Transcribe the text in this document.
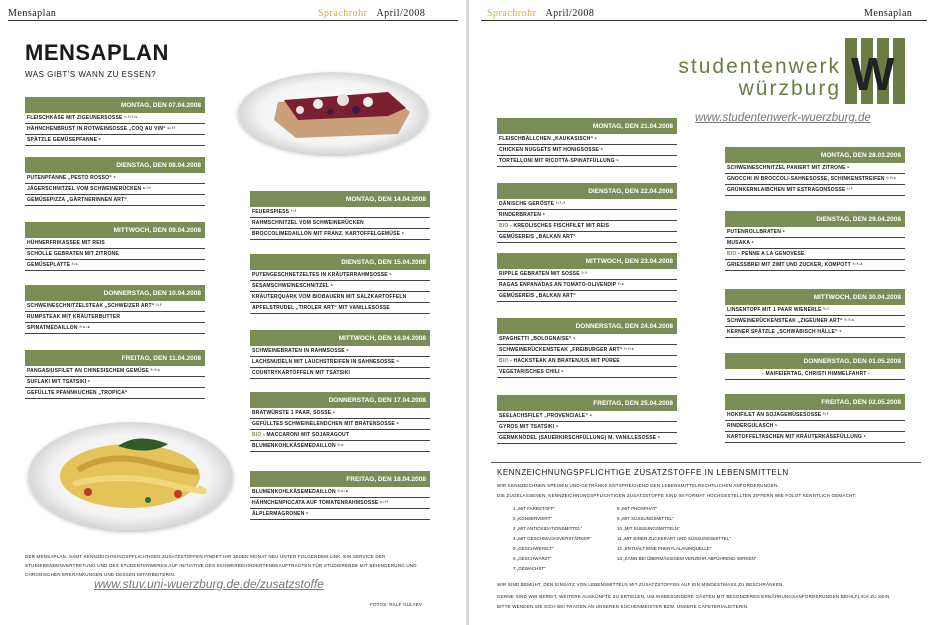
Mensaplan	Sprachrohr April/2008
MENSAPLAN
WAS GIBT'S WANN ZU ESSEN?
DER MENSAPLAN, SAMT KENNZEICHNUNGSPFLICHTIGEN ZUSATZSTOFFEN FINDET IHR JEDEN MONAT NEU UNTER FOLGENDEM LINK. EIN SERVICE DER STUDIERENDENVERTRETUNG UND DES STUDENTENWERKS AUF INITIATIVE DES SCHWERBEHINDERTENBEAUFTRAGTEN FÜR STUDIERENDE MIT BEHINDERUNG UND CHRONISCHEN ERKRANKUNGEN UND DESSEN MITARBEITERIN.
www.stuv.uni-wuerzburg.de.de/zusatzstoffe
FOTOS: RALF GULYEV
MONTAG, DEN 07.04.2008
FLEISCHKÄSE MIT ZIGEUNERSOSSE ¹·²·³·⁵
HÄHNCHENBRUST IN ROTWEINSOSSE „COQ AU VIN“ ⁵·¹²
SPÄTZLE GEMÜSEPFANNE ⁵
DIENSTAG, DEN 08.04.2008
PUTENPFANNE „PESTO ROSSO“ ⁵
JÄGERSCHNITZEL VOM SCHWEINERÜCKEN ⁵·¹²
GEMÜSEPIZZA „GÄRTNERINNEN ART“
MITTWOCH, DEN 09.04.2008
HÜHNERFRIKASSEE MIT REIS
SCHOLLE GEBRATEN MIT ZITRONE
GEMÜSEPLATTE ³·⁵
DONNERSTAG, DEN 10.04.2008
SCHWEINESCHNITZELSTEAK „SCHWEIZER ART“ ²·³
RUMPSTEAK MIT KRÄUTERBUTTER
SPINATMEDAILLON ³·⁵·⁸
FREITAG, DEN 11.04.2008
PANGASIUSFILET AN CHINESISCHEM GEMÜSE ²·³·⁵
SUFLAKI MIT TSATSIKI ⁵
GEFÜLLTE PFANNKUCHEN „TROPICA“
MONTAG, DEN 14.04.2008
FEUERSPIESS ¹·²
RAHMSCHNITZEL VOM SCHWEINERÜCKEN
BROCCOLIMEDAILLON MIT FRANZ. KARTOFFELGEMÜSE ⁵
DIENSTAG, DEN 15.04.2008
PUTENGESCHNETZELTES IN KRÄUTERRAHMSOSSE ⁵
SESAMSCHWEINESCHNITZEL ⁵
KRÄUTERQUARK VOM BIOBAUERN MIT SALZKARTOFFELN
APFELSTRUDEL „TIROLER ART“ MIT VANILLESOSSE
MITTWOCH, DEN 16.04.2008
SCHWEINEBRATEN IN RAHMSOSSE ⁵
LACHSNUDELN MIT LAUCHSTREIFEN IN SAHNESOSSE ⁵
COUNTRYKARTOFFELN MIT TSATSIKI
DONNERSTAG, DEN 17.04.2008
BRATWÜRSTE 1 PAAR, SOSSE ⁵
GEFÜLLTES SCHWEINELENDCHEN MIT BRATENSOSSE ⁵
BIO - MACCARONI MIT SOJARAGOUT
BLUMENKOHLKÄSEMEDAILLON ³·⁵
FREITAG, DEN 18.04.2008
BLUMENKOHLKÄSEMEDAILLON ³·⁵·⁸
HÄHNCHENPICCATA AUF TOMATENRAHMSOSSE ⁵·¹²
ÄLPLERMAGRONEN ⁵
Sprachrohr April/2008	Mensaplan
studentenwerk
würzburg W
www.studentenwerk-wuerzburg.de
KENNZEICHNUNGSPFLICHTIGE ZUSATZSTOFFE IN LEBENSMITTELN
WIR KENNZEICHNEN SPEISEN UND GETRÄNKE ENTSPRECHEND DEN LEBENSMITTELRECHTLICHEN ANFORDERUNGEN.
DIE ZUGELASSENEN, KENNZEICHNUNGSPFLICHTIGEN ZUSATZSTOFFE SIND IM FORMAT HOCHGESTELLTEN ZIFFERN WIE FOLGT KENNTLICH GEMACHT:
1 „MIT FARBSTOFF“
2 „KONSERVIERT“
3 „MIT ANTIOXIDATIONSMITTEL“
4 „MIT GESCHMACKSVERSTÄRKER“
5 „GESCHWEFELT“
6 „GESCHWÄRZT“
7 „GEWACHST“
8 „MIT PHOSPHAT“
9 „MIT SÜSSUNGSMITTEL“
10 „MIT SÜSSUNGSMITTELN“
11 „MIT EINER ZUCKERART UND SÜSSUNGSMITTEL“
12 „ENTHÄLT EINE PHENYLALANINQUELLE“
13 „KANN BEI ÜBERMÄSSIGEM VERZEHR ABFÜHREND WIRKEN“
WIR SIND BEMÜHT, DEN EINSATZ VON LEBENSMITTELN MIT ZUSATZSTOFFEN AUF EIN MINDESTMASS ZU BESCHRÄNKEN.
GERNE SIND WIR BEREIT, WEITERE AUSKÜNFTE ZU ERTEILEN, UM INSBESONDERE GÄSTEN MIT BESONDEREN ERNÄHRUNGSANFORDERUNGEN BEHILFLICH ZU SEIN.
BITTE WENDEN SIE SICH BEI FRAGEN AN UNSEREN KÜCHENMEISTER BZW. UNSERE CAFETERIALEITERIN.
MONTAG, DEN 21.04.2008
FLEISCHBÄLLCHEN „KAUKASISCH“ ⁵
CHICKEN NUGGETS MIT HONIGSOSSE ⁵
TORTELLONI MIT RICOTTA-SPINATFÜLLUNG ⁵
DIENSTAG, DEN 22.04.2008
DÄNISCHE GERÖSTE ¹·²·³
RINDERBRATEN ⁵
BIO - KREOLISCHES FISCHFILET MIT REIS
GEMÜSEREIS „BALKAN ART“
MITTWOCH, DEN 23.04.2008
RIPPLE GEBRATEN MIT SOSSE ²·³
RAGAS ENPANADAS AN TOMATO-OLIVENDIP ³·⁵
GEMÜSEREIS „BALKAN ART“
DONNERSTAG, DEN 24.04.2008
SPAGHETTI „BOLOGNAISE“ ⁵
SCHWEINERÜCKENSTEAK „FREIBURGER ART“ ²·³·⁵
BIO - HACKSTEAK AN BRATENJUS MIT PÜREE
VEGETARISCHES CHILI ⁵
FREITAG, DEN 25.04.2008
SEELACHSFILET „PROVENCIALE“ ⁵
GYROS MIT TSATSIKI ⁵
GERMKNÖDEL (SAUERKIRSCHFÜLLUNG) M. VANILLESOSSE ⁵
MONTAG, DEN 28.03.2008
SCHWEINESCHNITZEL PANIERT MIT ZITRONE ⁵
GNOCCHI IN BROCCOLI-SAHNESOSSE, SCHINKENSTREIFEN ²·³·⁵
GRÜNKERNLAIBCHEN MIT ESTRAGONSOSSE ¹·³
DIENSTAG, DEN 29.04.2008
PUTENROLLBRATEN ⁵
MUSAKA ⁵
BIO - PENNE A LA GENOVESE
GRIESSBREI MIT ZIMT UND ZUCKER, KOMPOTT ¹·³·⁴
MITTWOCH, DEN 30.04.2008
LINSENTOPF MIT 1 PAAR WIENERLE ²·³
SCHWEINERÜCKENSTEAK „ZIGEUNER ART“ ²·³·⁵
KERNER SPÄTZLE „SCHWÄBISCH HÄLLE“ ⁵
DONNERSTAG, DEN 01.05.2008
- MAIFEIERTAG, CHRISTI HIMMELFAHRT -
FREITAG, DEN 02.05.2008
HOKIFILET AN SOJAGEMÜSESOSSE ²·³
RINDERGULASCH ⁵
KARTOFFELTASCHEN MIT KRÄUTERKÄSEFÜLLUNG ⁵
